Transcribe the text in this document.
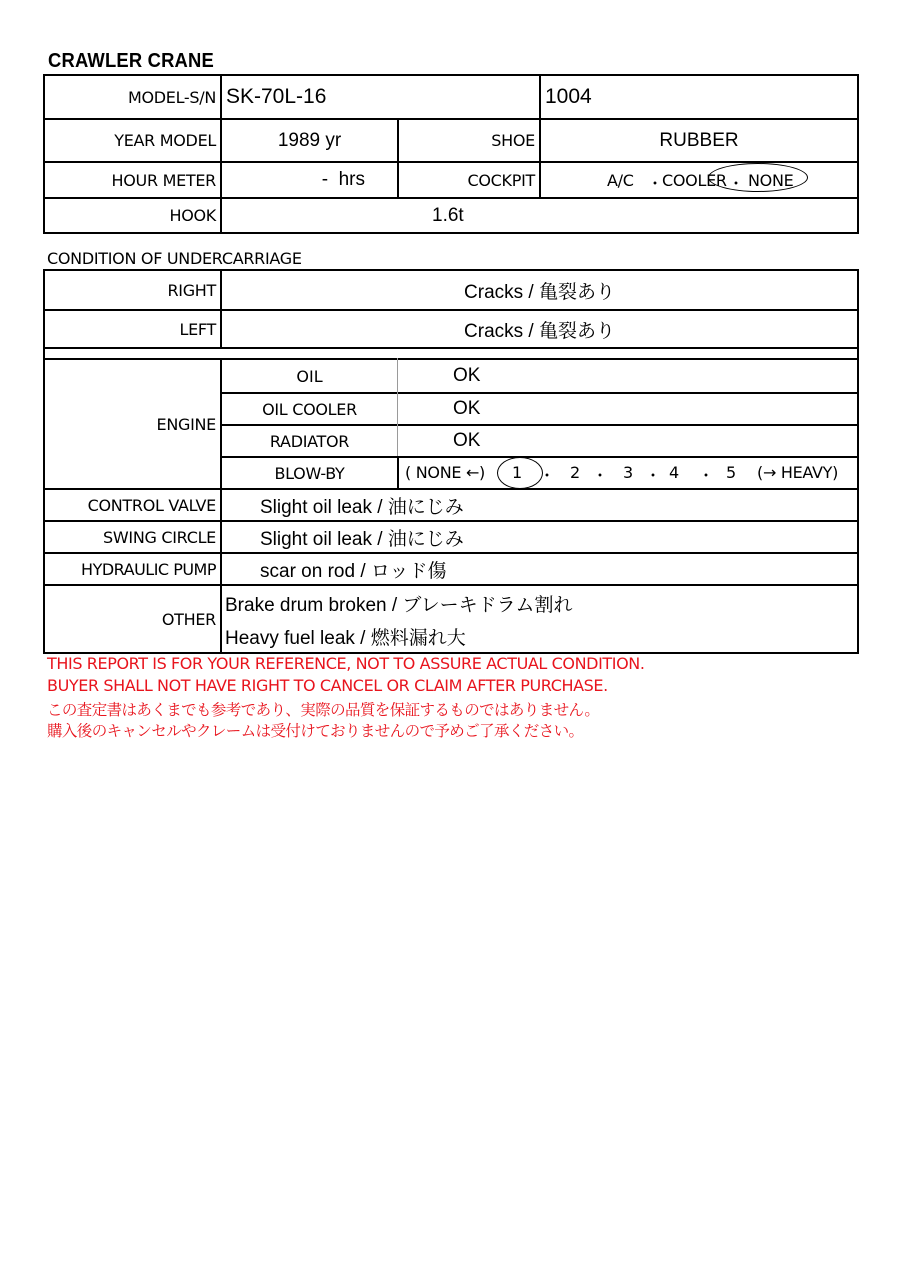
CRAWLER CRANE
MODEL-S/N SK-70L-16	1004
YEAR MODEL	1989 yr	SHOE	RUBBER
HOUR METER	-  hrs	COCKPIT	A/C ・ COOLER ・ NONE
HOOK	1.6t
CONDITION OF UNDERCARRIAGE
RIGHT	Cracks / 亀裂あり
LEFT	Cracks / 亀裂あり
ENGINE
OIL	OK
OIL COOLER	OK
RADIATOR	OK
BLOW-BY	( NONE ←) 1 ・ 2 ・ 3 ・ 4 ・ 5 (→ HEAVY)
CONTROL VALVE Slight oil leak / 油にじみ
SWING CIRCLE Slight oil leak / 油にじみ
HYDRAULIC PUMP scar on rod / ロッド傷
OTHER
Brake drum broken / ブレーキドラム割れ
Heavy fuel leak / 燃料漏れ大
THIS REPORT IS FOR YOUR REFERENCE, NOT TO ASSURE ACTUAL CONDITION.
BUYER SHALL NOT HAVE RIGHT TO CANCEL OR CLAIM AFTER PURCHASE.
この査定書はあくまでも参考であり、実際の品質を保証するものではありません。
購入後のキャンセルやクレームは受付けておりませんので予めご了承ください。
